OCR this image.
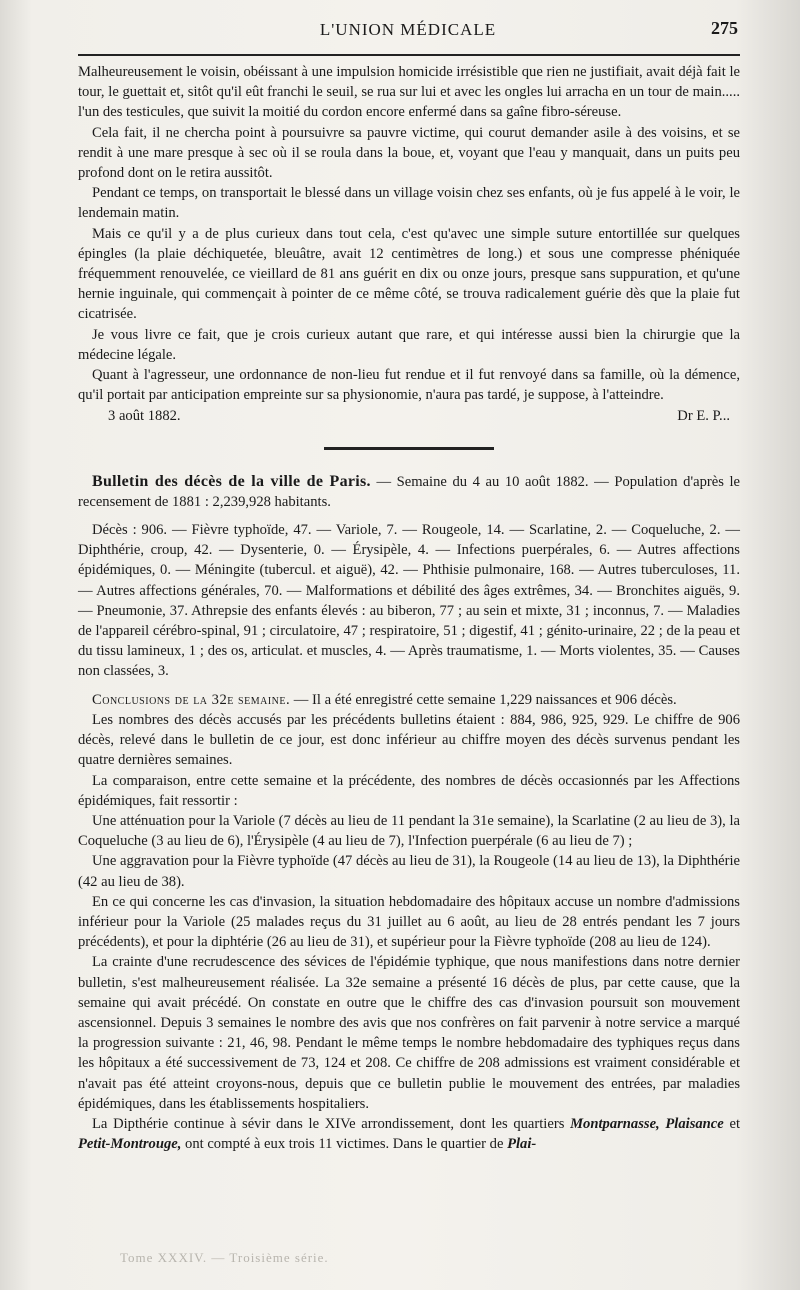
L'UNION MÉDICALE	275

Malheureusement le voisin, obéissant à une impulsion homicide irrésistible que rien ne justifiait, avait déjà fait le tour, le guettait et, sitôt qu'il eût franchi le seuil, se rua sur lui et avec les ongles lui arracha en un tour de main..... l'un des testicules, que suivit la moitié du cordon encore enfermé dans sa gaîne fibro-séreuse.

Cela fait, il ne chercha point à poursuivre sa pauvre victime, qui courut demander asile à des voisins, et se rendit à une mare presque à sec où il se roula dans la boue, et, voyant que l'eau y manquait, dans un puits peu profond dont on le retira aussitôt.

Pendant ce temps, on transportait le blessé dans un village voisin chez ses enfants, où je fus appelé à le voir, le lendemain matin.

Mais ce qu'il y a de plus curieux dans tout cela, c'est qu'avec une simple suture entortillée sur quelques épingles (la plaie déchiquetée, bleuâtre, avait 12 centimètres de long.) et sous une compresse phéniquée fréquemment renouvelée, ce vieillard de 81 ans guérit en dix ou onze jours, presque sans suppuration, et qu'une hernie inguinale, qui commençait à pointer de ce même côté, se trouva radicalement guérie dès que la plaie fut cicatrisée.

Je vous livre ce fait, que je crois curieux autant que rare, et qui intéresse aussi bien la chirurgie que la médecine légale.

Quant à l'agresseur, une ordonnance de non-lieu fut rendue et il fut renvoyé dans sa famille, où la démence, qu'il portait par anticipation empreinte sur sa physionomie, n'aura pas tardé, je suppose, à l'atteindre.

3 août 1882.	Dr E. P...

Bulletin des décès de la ville de Paris. — Semaine du 4 au 10 août 1882. — Population d'après le recensement de 1881 : 2,239,928 habitants.

Décès : 906. — Fièvre typhoïde, 47. — Variole, 7. — Rougeole, 14. — Scarlatine, 2. — Coqueluche, 2. — Diphthérie, croup, 42. — Dysenterie, 0. — Érysipèle, 4. — Infections puerpérales, 6. — Autres affections épidémiques, 0. — Méningite (tubercul. et aiguë), 42. — Phthisie pulmonaire, 168. — Autres tuberculoses, 11. — Autres affections générales, 70. — Malformations et débilité des âges extrêmes, 34. — Bronchites aiguës, 9. — Pneumonie, 37. Athrepsie des enfants élevés : au biberon, 77 ; au sein et mixte, 31 ; inconnus, 7. — Maladies de l'appareil cérébro-spinal, 91 ; circulatoire, 47 ; respiratoire, 51 ; digestif, 41 ; génito-urinaire, 22 ; de la peau et du tissu lamineux, 1 ; des os, articulat. et muscles, 4. — Après traumatisme, 1. — Morts violentes, 35. — Causes non classées, 3.

Conclusions de la 32e semaine. — Il a été enregistré cette semaine 1,229 naissances et 906 décès.

Les nombres des décès accusés par les précédents bulletins étaient : 884, 986, 925, 929. Le chiffre de 906 décès, relevé dans le bulletin de ce jour, est donc inférieur au chiffre moyen des décès survenus pendant les quatre dernières semaines.

La comparaison, entre cette semaine et la précédente, des nombres de décès occasionnés par les Affections épidémiques, fait ressortir :

Une atténuation pour la Variole (7 décès au lieu de 11 pendant la 31e semaine), la Scarlatine (2 au lieu de 3), la Coqueluche (3 au lieu de 6), l'Érysipèle (4 au lieu de 7), l'Infection puerpérale (6 au lieu de 7) ;

Une aggravation pour la Fièvre typhoïde (47 décès au lieu de 31), la Rougeole (14 au lieu de 13), la Diphthérie (42 au lieu de 38).

En ce qui concerne les cas d'invasion, la situation hebdomadaire des hôpitaux accuse un nombre d'admissions inférieur pour la Variole (25 malades reçus du 31 juillet au 6 août, au lieu de 28 entrés pendant les 7 jours précédents), et pour la diphtérie (26 au lieu de 31), et supérieur pour la Fièvre typhoïde (208 au lieu de 124).

La crainte d'une recrudescence des sévices de l'épidémie typhique, que nous manifestions dans notre dernier bulletin, s'est malheureusement réalisée. La 32e semaine a présenté 16 décès de plus, par cette cause, que la semaine qui avait précédé. On constate en outre que le chiffre des cas d'invasion poursuit son mouvement ascensionnel. Depuis 3 semaines le nombre des avis que nos confrères on fait parvenir à notre service a marqué la progression suivante : 21, 46, 98. Pendant le même temps le nombre hebdomadaire des typhiques reçus dans les hôpitaux a été successivement de 73, 124 et 208. Ce chiffre de 208 admissions est vraiment considérable et n'avait pas été atteint croyons-nous, depuis que ce bulletin publie le mouvement des entrées, par maladies épidémiques, dans les établissements hospitaliers.

La Dipthérie continue à sévir dans le XIVe arrondissement, dont les quartiers Montparnasse, Plaisance et Petit-Montrouge, ont compté à eux trois 11 victimes. Dans le quartier de Plai-

Tome XXXIV. — Troisième série.
